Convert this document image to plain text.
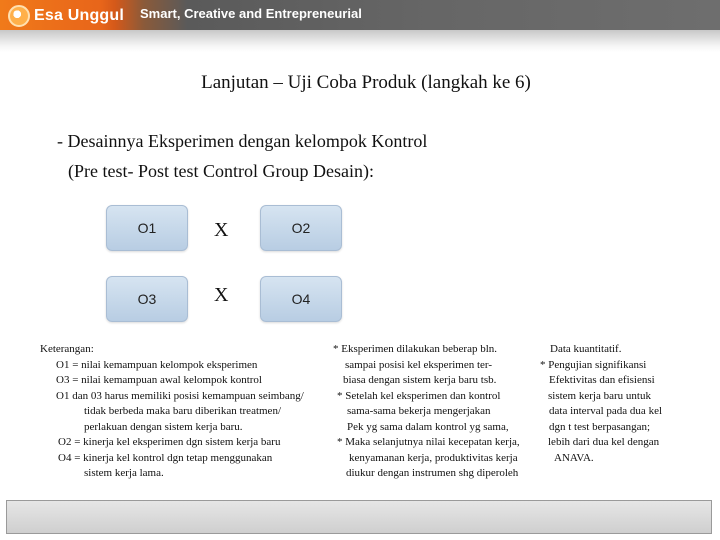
Esa Unggul Smart, Creative and Entrepreneurial
Lanjutan – Uji Coba Produk (langkah ke 6)
- Desainnya Eksperimen dengan kelompok Kontrol
(Pre test- Post test Control Group Desain):
O1	X	O2
O3	X	O4
Keterangan:
O1 = nilai kemampuan kelompok eksperimen
O3 = nilai kemampuan awal kelompok kontrol
O1 dan 03 harus memiliki posisi kemampuan seimbang/
tidak berbeda maka baru diberikan treatmen/
perlakuan dengan sistem kerja baru.
O2 = kinerja kel eksperimen dgn sistem kerja baru
O4 = kinerja kel kontrol dgn tetap menggunakan
sistem kerja lama.
* Eksperimen dilakukan beberap bln.
sampai posisi kel eksperimen ter-
biasa dengan sistem kerja baru tsb.
* Setelah kel eksperimen dan kontrol
sama-sama bekerja mengerjakan
Pek yg sama dalam kontrol yg sama,
* Maka selanjutnya nilai kecepatan kerja,
kenyamanan kerja, produktivitas kerja
diukur dengan instrumen shg diperoleh
Data kuantitatif.
* Pengujian signifikansi
Efektivitas dan efisiensi
sistem kerja baru untuk
data interval pada dua kel
dgn t test berpasangan;
lebih dari dua kel dengan
ANAVA.
